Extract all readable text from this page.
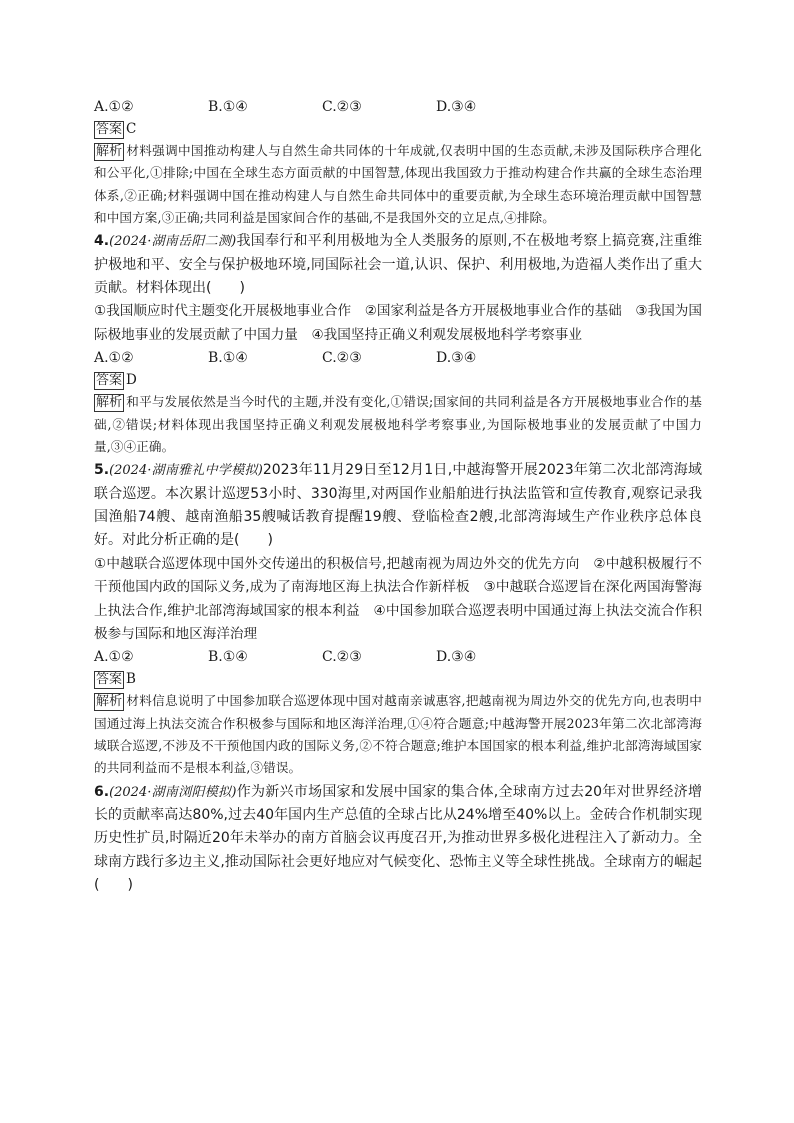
A.①②	B.①④	C.②③	D.③④
答案 C
解析 材料强调中国推动构建人与自然生命共同体的十年成就,仅表明中国的生态贡献,未涉及国际秩序合理化和公平化,①排除;中国在全球生态方面贡献的中国智慧,体现出我国致力于推动构建合作共赢的全球生态治理体系,②正确;材料强调中国在推动构建人与自然生命共同体中的重要贡献,为全球生态环境治理贡献中国智慧和中国方案,③正确;共同利益是国家间合作的基础,不是我国外交的立足点,④排除。
4.(2024·湖南岳阳二测)我国奉行和平利用极地为全人类服务的原则,不在极地考察上搞竞赛,注重维护极地和平、安全与保护极地环境,同国际社会一道,认识、保护、利用极地,为造福人类作出了重大贡献。材料体现出(　　)
①我国顺应时代主题变化开展极地事业合作　②国家利益是各方开展极地事业合作的基础　③我国为国际极地事业的发展贡献了中国力量　④我国坚持正确义利观发展极地科学考察事业
A.①②	B.①④	C.②③	D.③④
答案 D
解析 和平与发展依然是当今时代的主题,并没有变化,①错误;国家间的共同利益是各方开展极地事业合作的基础,②错误;材料体现出我国坚持正确义利观发展极地科学考察事业,为国际极地事业的发展贡献了中国力量,③④正确。
5.(2024·湖南雅礼中学模拟)2023年11月29日至12月1日,中越海警开展2023年第二次北部湾海域联合巡逻。本次累计巡逻53小时、330海里,对两国作业船舶进行执法监管和宣传教育,观察记录我国渔船74艘、越南渔船35艘喊话教育提醒19艘、登临检查2艘,北部湾海域生产作业秩序总体良好。对此分析正确的是(　　)
①中越联合巡逻体现中国外交传递出的积极信号,把越南视为周边外交的优先方向　②中越积极履行不干预他国内政的国际义务,成为了南海地区海上执法合作新样板　③中越联合巡逻旨在深化两国海警海上执法合作,维护北部湾海域国家的根本利益　④中国参加联合巡逻表明中国通过海上执法交流合作积极参与国际和地区海洋治理
A.①②	B.①④	C.②③	D.③④
答案 B
解析 材料信息说明了中国参加联合巡逻体现中国对越南亲诚惠容,把越南视为周边外交的优先方向,也表明中国通过海上执法交流合作积极参与国际和地区海洋治理,①④符合题意;中越海警开展2023年第二次北部湾海域联合巡逻,不涉及不干预他国内政的国际义务,②不符合题意;维护本国国家的根本利益,维护北部湾海域国家的共同利益而不是根本利益,③错误。
6.(2024·湖南浏阳模拟)作为新兴市场国家和发展中国家的集合体,全球南方过去20年对世界经济增长的贡献率高达80%,过去40年国内生产总值的全球占比从24%增至40%以上。金砖合作机制实现历史性扩员,时隔近20年未举办的南方首脑会议再度召开,为推动世界多极化进程注入了新动力。全球南方践行多边主义,推动国际社会更好地应对气候变化、恐怖主义等全球性挑战。全球南方的崛起(　　)
